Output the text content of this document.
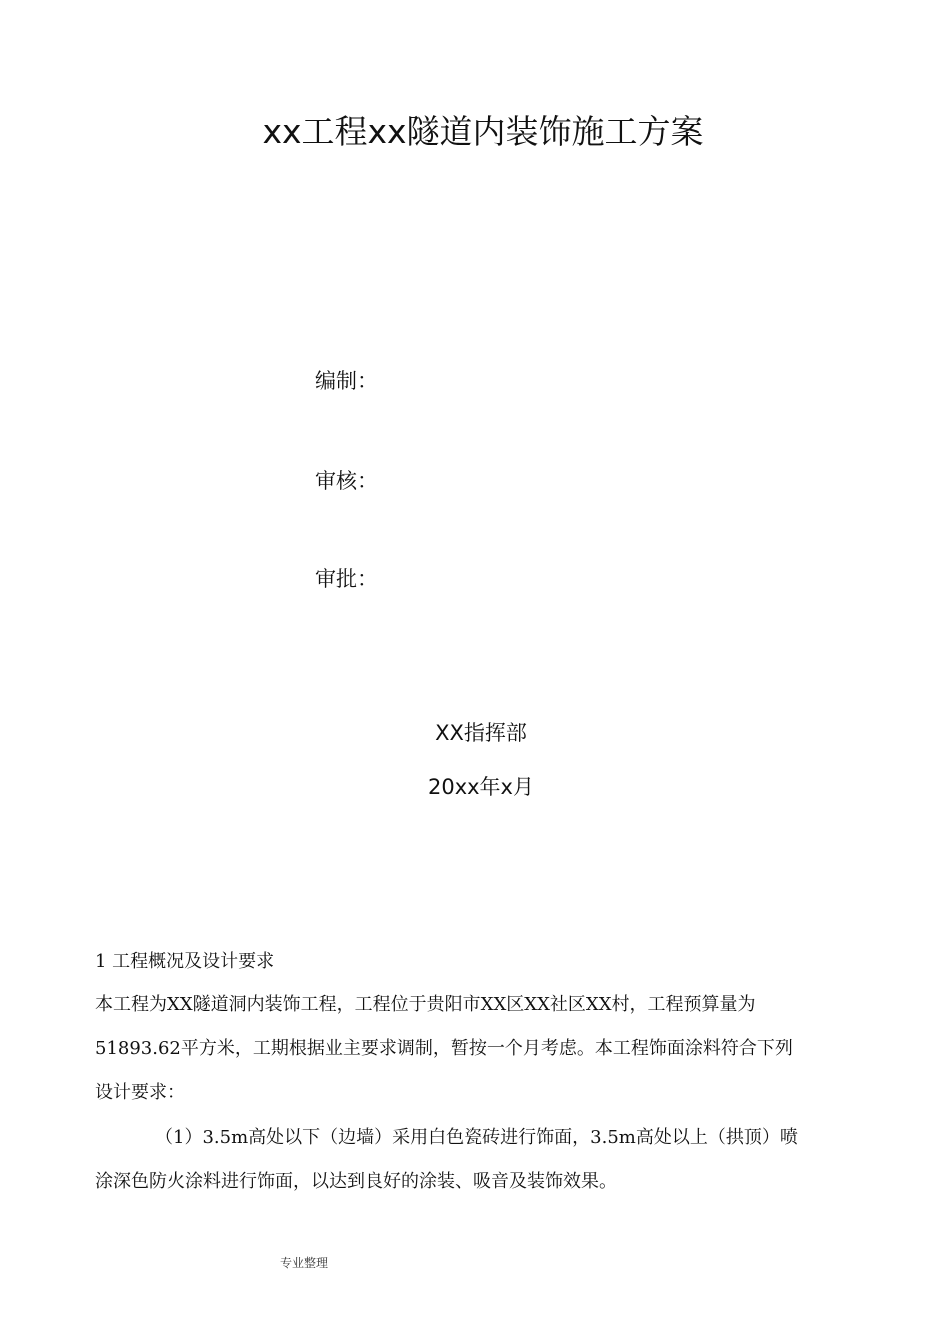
xx工程xx隧道内装饰施工方案
编制：
审核：
审批：
XX指挥部
20xx年x月
1 工程概况及设计要求
本工程为XX隧道洞内装饰工程，工程位于贵阳市XX区XX社区XX村，工程预算量为
51893.62平方米，工期根据业主要求调制，暂按一个月考虑。本工程饰面涂料符合下列
设计要求：
（1）3.5m高处以下（边墙）采用白色瓷砖进行饰面，3.5m高处以上（拱顶）喷
涂深色防火涂料进行饰面，以达到良好的涂装、吸音及装饰效果。
专业整理
